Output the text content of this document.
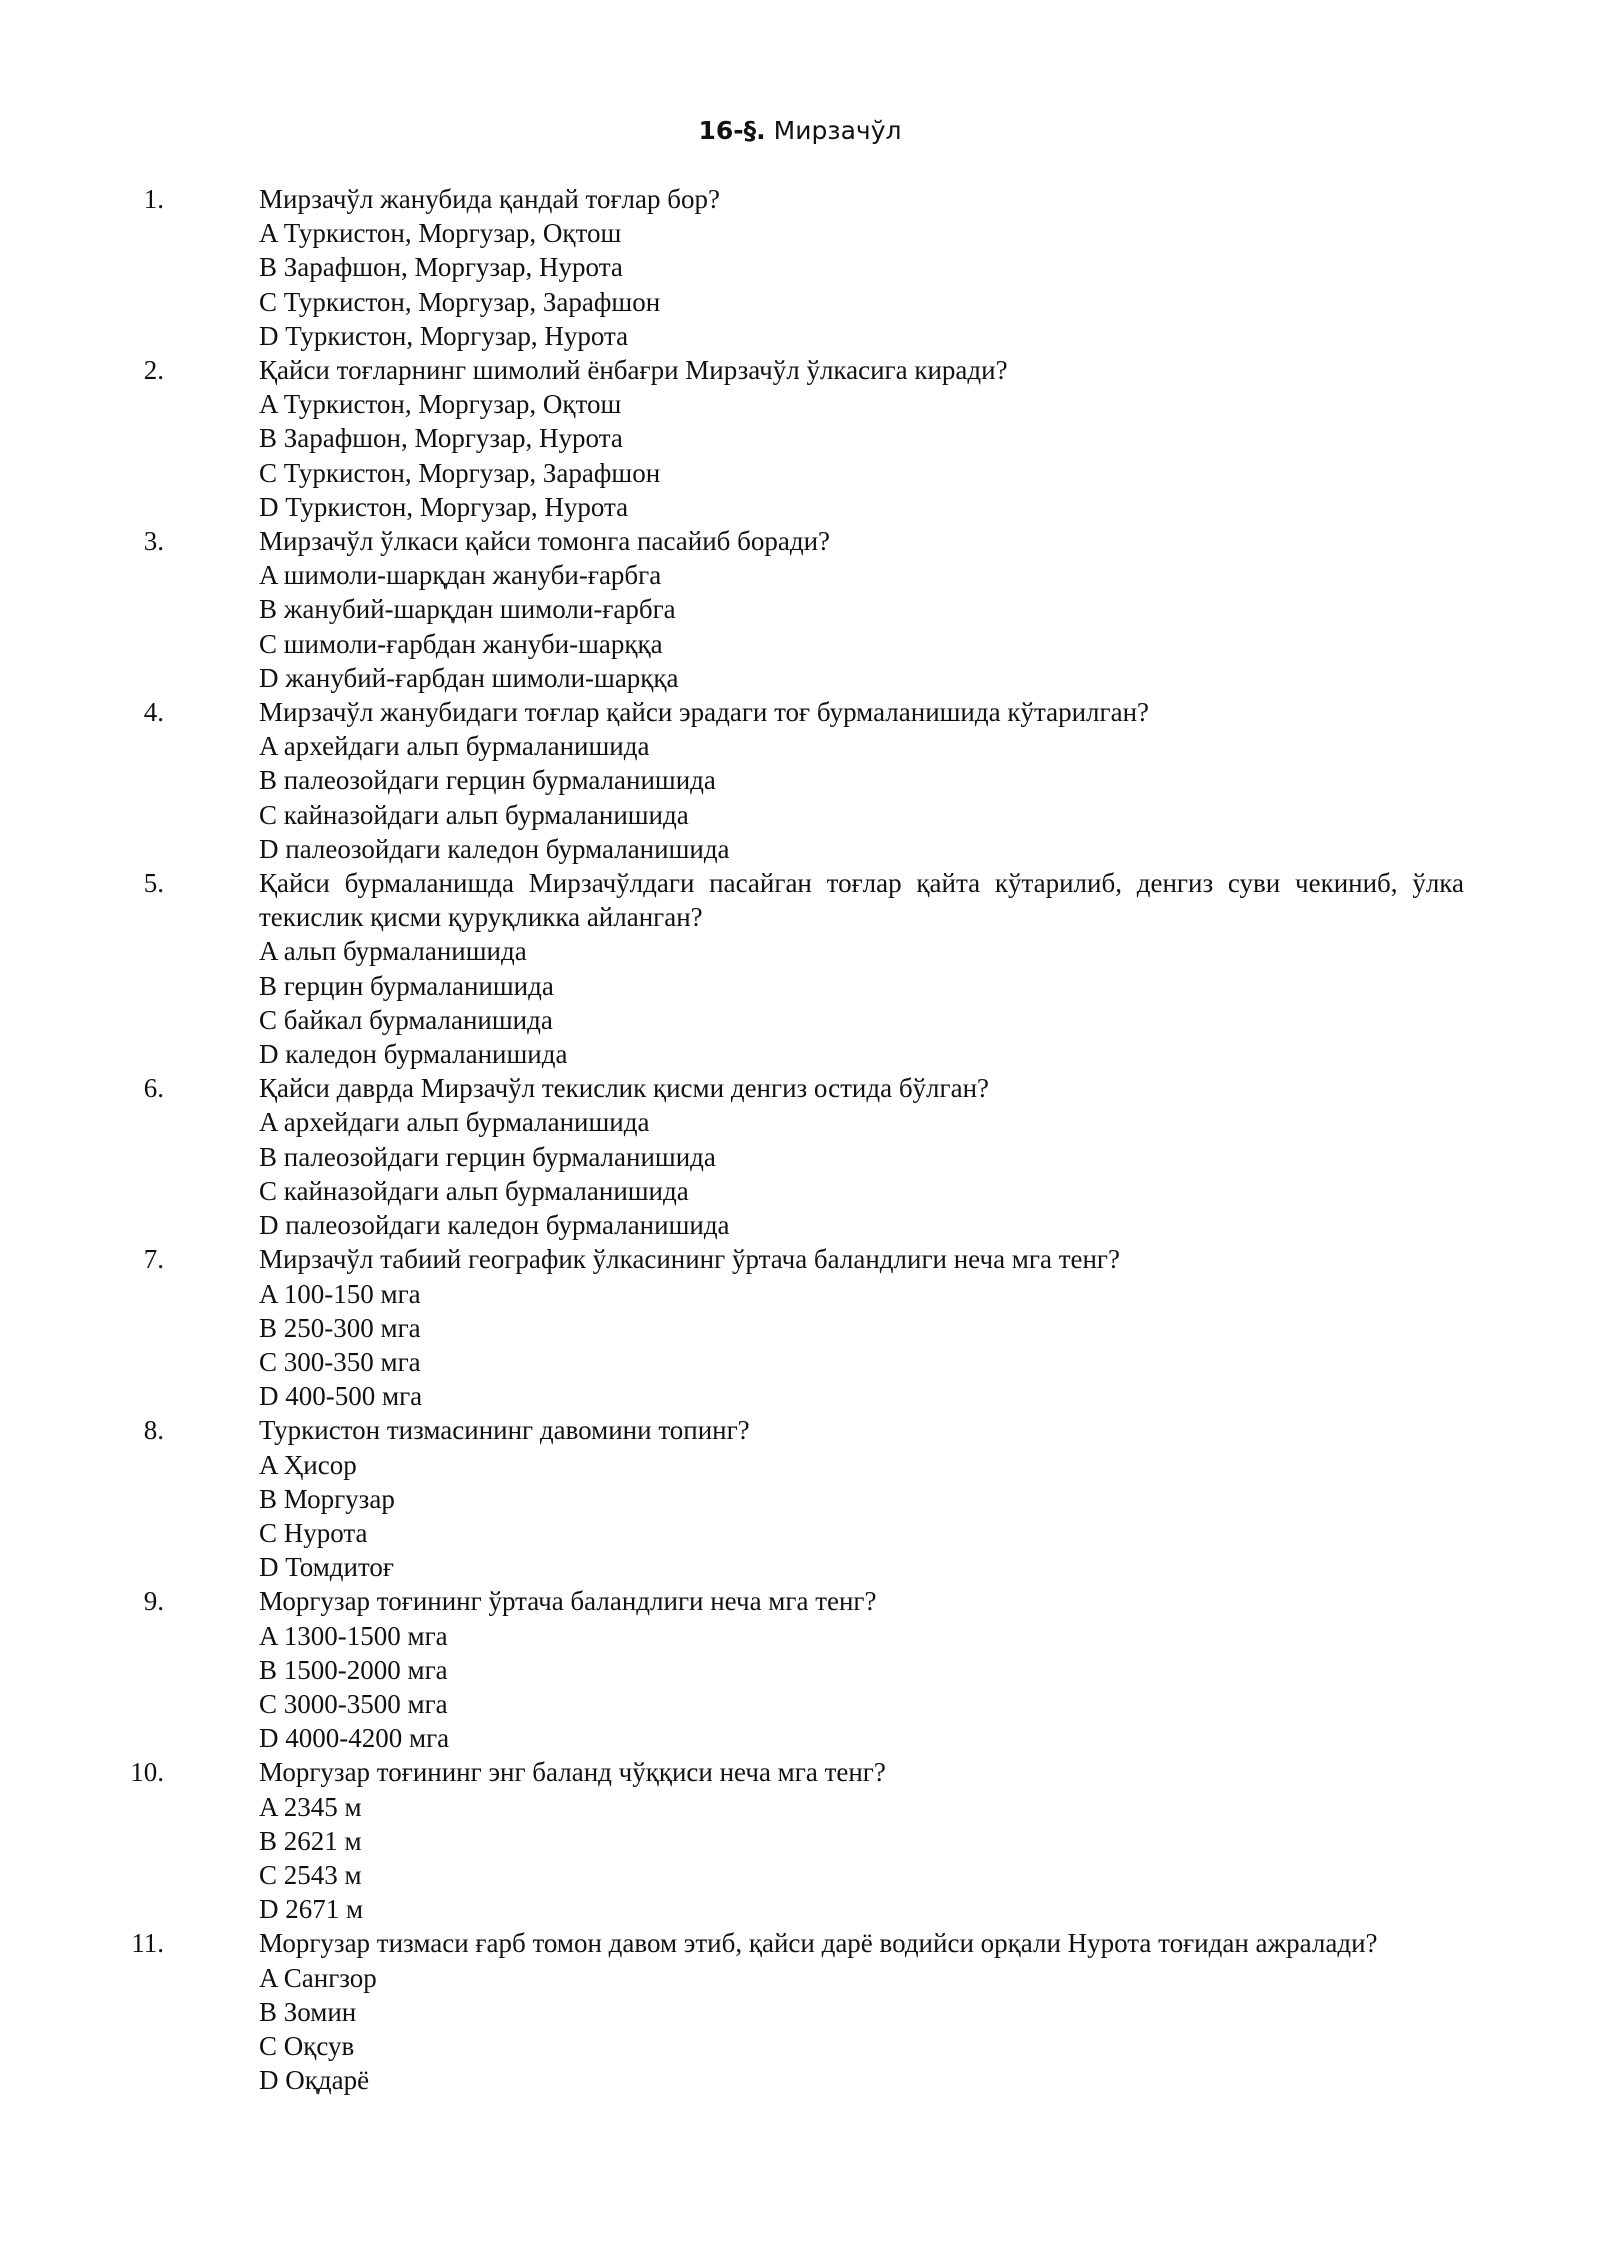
16-§. Мирзачўл
1.	Мирзачўл жанубида қандай тоғлар бор?
A Туркистон, Моргузар, Оқтош
B Зарафшон, Моргузар, Нурота
C Туркистон, Моргузар, Зарафшон
D Туркистон, Моргузар, Нурота
2.	Қайси тоғларнинг шимолий ёнбағри Мирзачўл ўлкасига киради?
A Туркистон, Моргузар, Оқтош
B Зарафшон, Моргузар, Нурота
C Туркистон, Моргузар, Зарафшон
D Туркистон, Моргузар, Нурота
3.	Мирзачўл ўлкаси қайси томонга пасайиб боради?
A шимоли-шарқдан жануби-ғарбга
B жанубий-шарқдан шимоли-ғарбга
C шимоли-ғарбдан жануби-шарққа
D жанубий-ғарбдан шимоли-шарққа
4.	Мирзачўл жанубидаги тоғлар қайси эрадаги тоғ бурмаланишида кўтарилган?
A архейдаги альп бурмаланишида
B палеозойдаги герцин бурмаланишида
C кайназойдаги альп бурмаланишида
D палеозойдаги каледон бурмаланишида
5.	Қайси бурмаланишда Мирзачўлдаги пасайган тоғлар қайта кўтарилиб, денгиз суви чекиниб, ўлка текислик қисми қуруқликка айланган?
A альп бурмаланишида
B герцин бурмаланишида
C байкал бурмаланишида
D каледон бурмаланишида
6.	Қайси даврда Мирзачўл текислик қисми денгиз остида бўлган?
A архейдаги альп бурмаланишида
B палеозойдаги герцин бурмаланишида
C кайназойдаги альп бурмаланишида
D палеозойдаги каледон бурмаланишида
7.	Мирзачўл табиий географик ўлкасининг ўртача баландлиги неча мга тенг?
A 100-150 мга
B 250-300 мга
C 300-350 мга
D 400-500 мга
8.	Туркистон тизмасининг давомини топинг?
A Ҳисор
B Моргузар
C Нурота
D Томдитоғ
9.	Моргузар тоғининг ўртача баландлиги неча мга тенг?
A 1300-1500 мга
B 1500-2000 мга
C 3000-3500 мга
D 4000-4200 мга
10.	Моргузар тоғининг энг баланд чўққиси неча мга тенг?
A 2345 м
B 2621 м
C 2543 м
D 2671 м
11.	Моргузар тизмаси ғарб томон давом этиб, қайси дарё водийси орқали Нурота тоғидан ажралади?
A Сангзор
B Зомин
C Оқсув
D Оқдарё
